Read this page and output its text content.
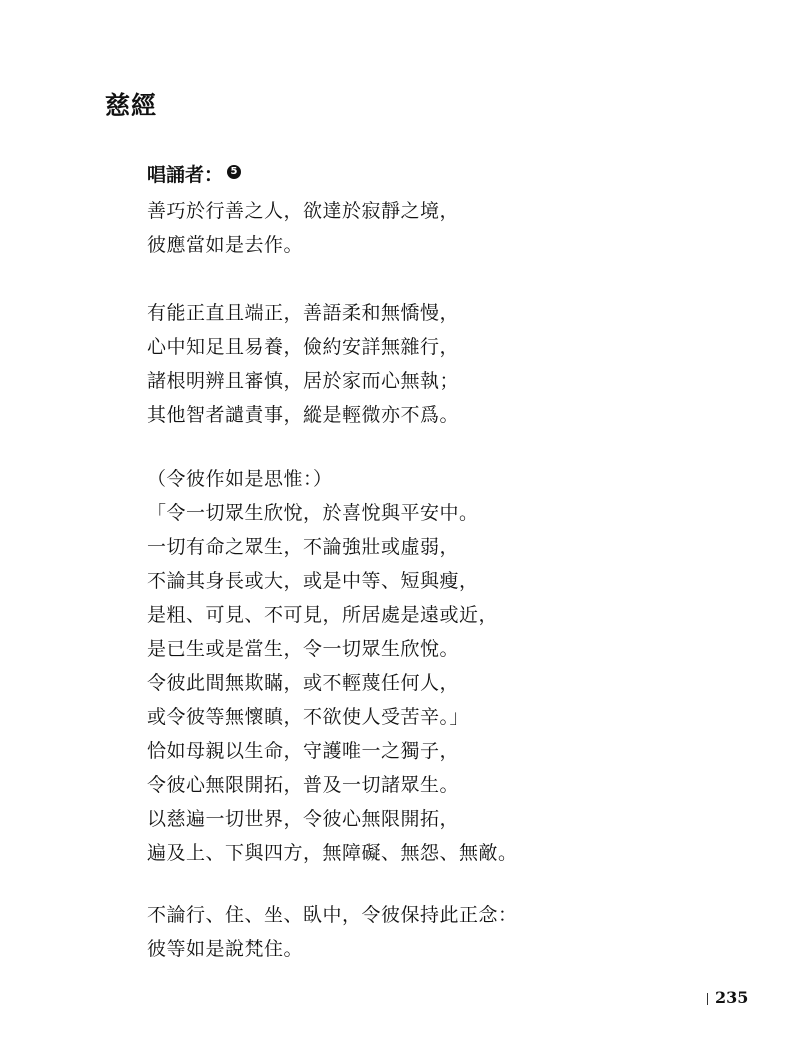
慈經
唱誦者： 5
善巧於行善之人，欲達於寂靜之境，
彼應當如是去作。
有能正直且端正，善語柔和無憍慢，
心中知足且易養，儉約安詳無雜行，
諸根明辨且審慎，居於家而心無執；
其他智者譴責事，縱是輕微亦不爲。
（令彼作如是思惟：）
「令一切眾生欣悅，於喜悅與平安中。
一切有命之眾生，不論強壯或虛弱，
不論其身長或大，或是中等、短與瘦，
是粗、可見、不可見，所居處是遠或近，
是已生或是當生，令一切眾生欣悅。
令彼此間無欺瞞，或不輕蔑任何人，
或令彼等無懷瞋，不欲使人受苦辛。」
恰如母親以生命，守護唯一之獨子，
令彼心無限開拓，普及一切諸眾生。
以慈遍一切世界，令彼心無限開拓，
遍及上、下與四方，無障礙、無怨、無敵。
不論行、住、坐、臥中，令彼保持此正念：
彼等如是說梵住。
235
